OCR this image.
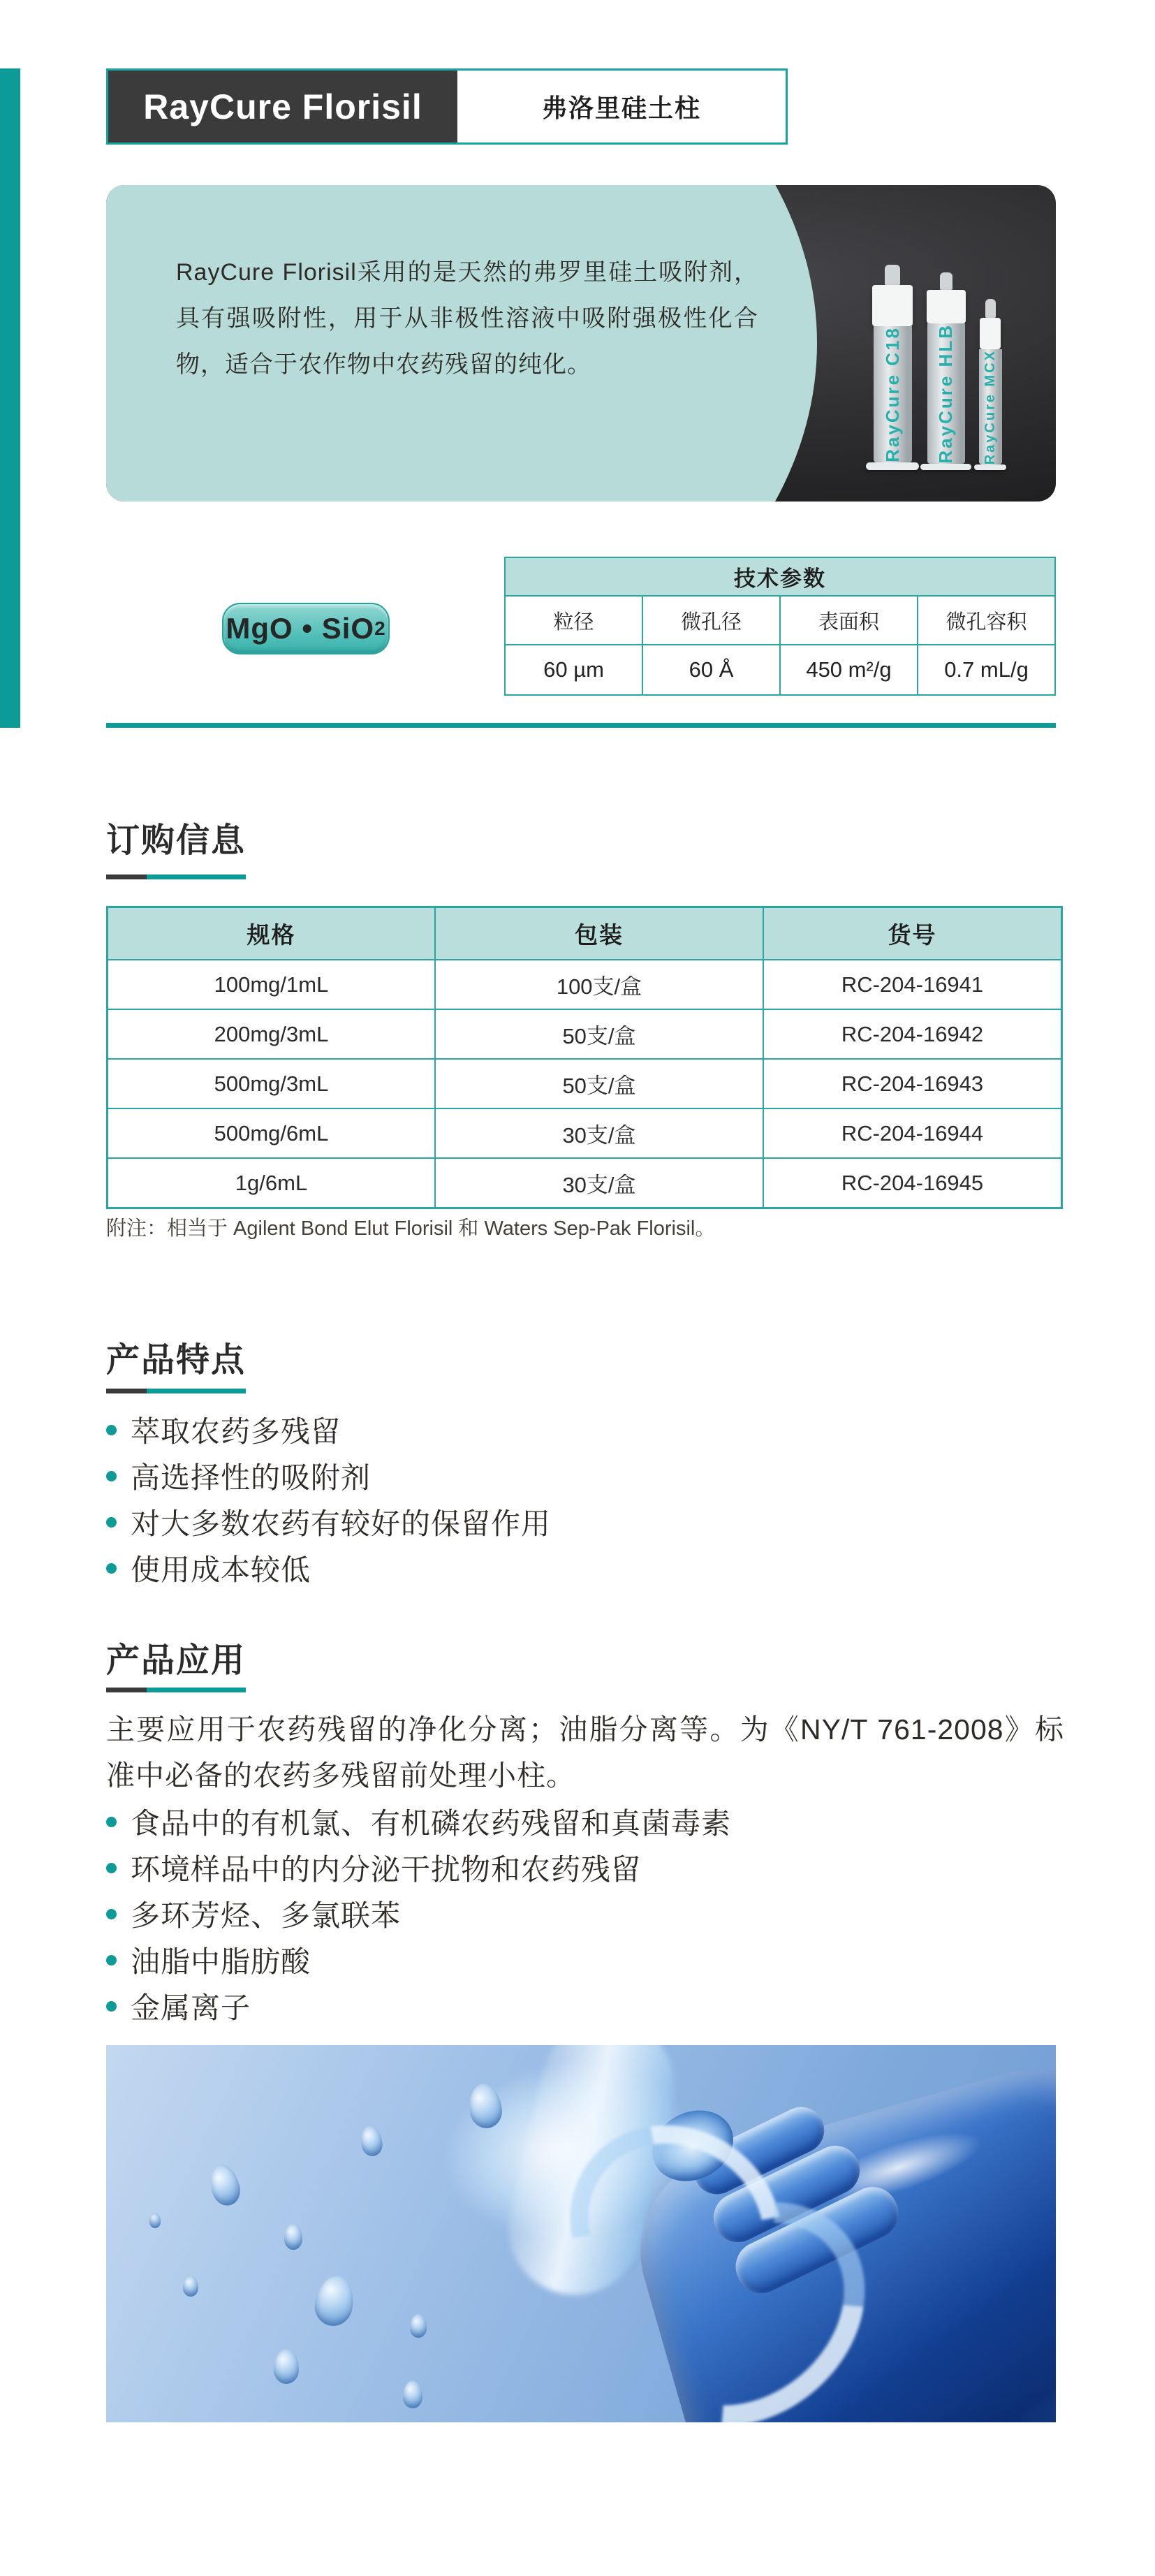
RayCure Florisil	弗洛里硅土柱
RayCure Florisil采用的是天然的弗罗里硅土吸附剂，具有强吸附性，用于从非极性溶液中吸附强极性化合物，适合于农作物中农药残留的纯化。	RayCure C18 RayCure HLB RayCure MCX
MgO • SiO 2
技术参数			
粒径	微孔径	表面积	微孔容积
60 µm	60 Å	450 m²/g	0.7 mL/g
订购信息
规格	包装	货号
100mg/1mL	100支/盒	RC-204-16941
200mg/3mL	50支/盒	RC-204-16942
500mg/3mL	50支/盒	RC-204-16943
500mg/6mL	30支/盒	RC-204-16944
1g/6mL	30支/盒	RC-204-16945
附注：相当于 Agilent Bond Elut Florisil 和 Waters Sep-Pak Florisil。
产品特点
萃取农药多残留
高选择性的吸附剂
对大多数农药有较好的保留作用
使用成本较低
产品应用
主要应用于农药残留的净化分离；油脂分离等。为《NY/T 761-2008》标准中必备的农药多残留前处理小柱。
食品中的有机氯、有机磷农药残留和真菌毒素
环境样品中的内分泌干扰物和农药残留
多环芳烃、多氯联苯
油脂中脂肪酸
金属离子
